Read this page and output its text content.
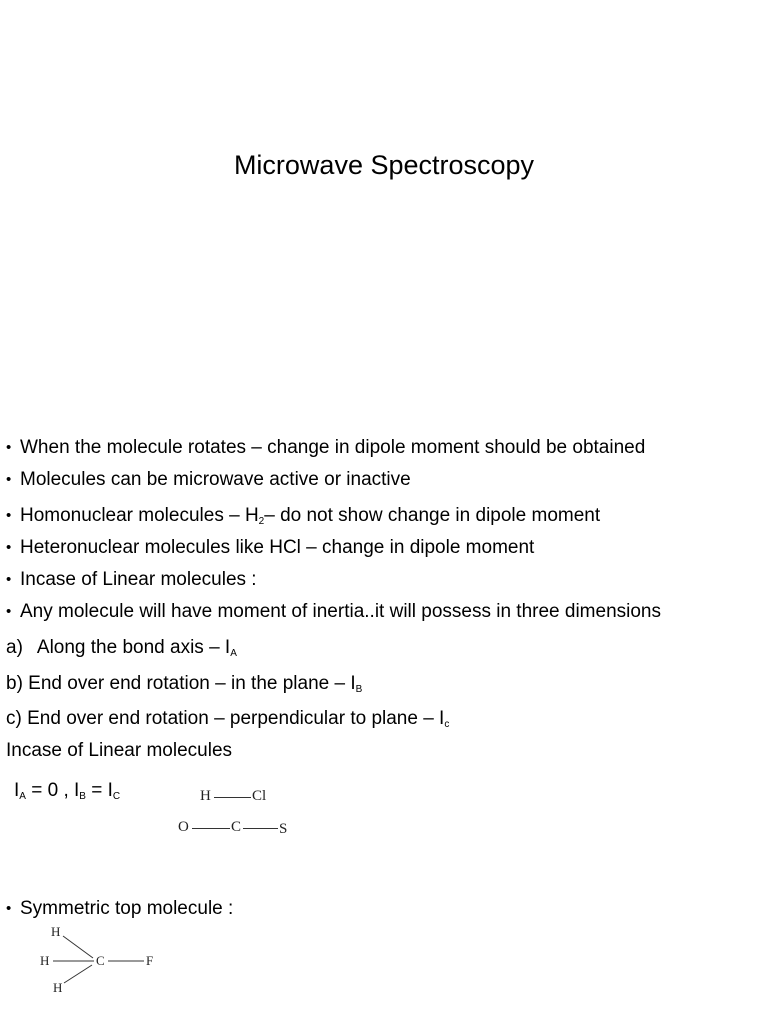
Microwave Spectroscopy
• When the molecule rotates – change in dipole moment should be obtained
• Molecules can be microwave active or inactive
• Homonuclear molecules – $H_2-$ do not show change in dipole moment
• Heteronuclear molecules like HCl – change in dipole moment
• Incase of Linear molecules :
• Any molecule will have moment of inertia..it will possess in three dimensions
a) Along the bond axis – $I_A$
b) End over end rotation – in the plane – $I_B$
c) End over end rotation – perpendicular to plane – $I_c$
Incase of Linear molecules
$I_A = 0$ , $I_B = I_C$	H	Cl
O	C	S
• Symmetric top molecule :
H
H	C	F
H
